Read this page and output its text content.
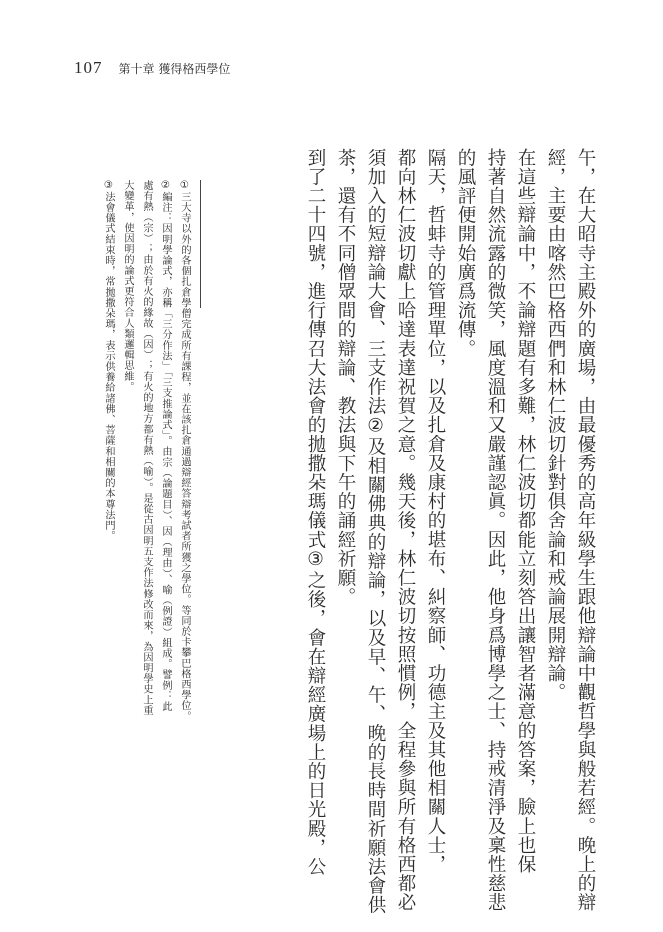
107 第十章 獲得格西學位
午，在大昭寺主殿外的廣場，由最優秀的高年級學生跟他辯論中觀哲學與般若經。晚上的辯
經，主要由喀然巴格西們和林仁波切針對俱舍論和戒論展開辯論。
在這些辯論中，不論辯題有多難，林仁波切都能立刻答出讓智者滿意的答案，臉上也保
持著自然流露的微笑，風度溫和又嚴謹認眞。因此，他身爲博學之士、持戒清淨及稟性慈悲
的風評便開始廣爲流傳。
隔天，哲蚌寺的管理單位，以及扎倉及康村的堪布、糾察師、功德主及其他相關人士，
都向林仁波切獻上哈達表達祝賀之意。幾天後，林仁波切按照慣例，全程參與所有格西都必
須加入的短辯論大會、三支作法②及相關佛典的辯論，以及早、午、晚的長時間祈願法會供
茶，還有不同僧眾間的辯論、教法與下午的誦經祈願。
到了二十四號，進行傳召大法會的拋撒朵瑪儀式③之後，會在辯經廣場上的日光殿，公
①三大寺以外的各個扎倉學僧完成所有課程，並在該扎倉通過辯經答辯考試者所獲之學位。等同於卡攀巴格西學位。
②編注：因明學論式，亦稱「三分作法」「三支推論式」。由宗（論題目）、因（理由）、喻（例證）組成。譬例：此
處有熱（宗）；由於有火的緣故（因）；有火的地方都有熱（喻）。是從古因明五支作法修改而來，為因明學史上重
大變革，使因明的論式更符合人類邏輯思維。
③法會儀式結束時，常拋撒朵瑪，表示供養給諸佛、菩薩和相關的本尊法門。
